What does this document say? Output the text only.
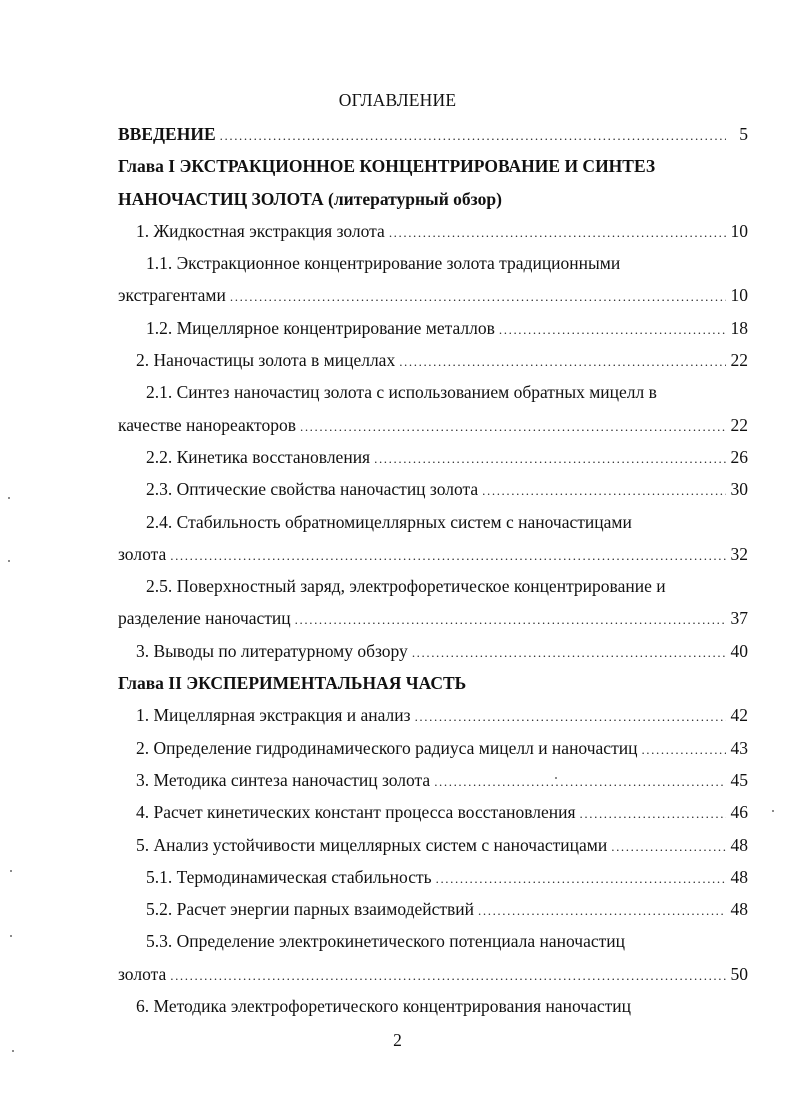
ОГЛАВЛЕНИЕ
ВВЕДЕНИЕ .....	5
Глава I ЭКСТРАКЦИОННОЕ КОНЦЕНТРИРОВАНИЕ И СИНТЕЗ
НАНОЧАСТИЦ ЗОЛОТА (литературный обзор)
1. Жидкостная экстракция золота .....	10
1.1. Экстракционное концентрирование золота традиционными
экстрагентами .....	10
1.2. Мицеллярное концентрирование металлов .....	18
2. Наночастицы золота в мицеллах .....	22
2.1. Синтез наночастиц золота с использованием обратных мицелл в
качестве нанореакторов .....	22
2.2. Кинетика восстановления .....	26
2.3. Оптические свойства наночастиц золота .....	30
2.4. Стабильность обратномицеллярных систем с наночастицами
золота .....	32
2.5. Поверхностный заряд, электрофоретическое концентрирование и
разделение наночастиц .....	37
3. Выводы по литературному обзору .....	40
Глава II ЭКСПЕРИМЕНТАЛЬНАЯ ЧАСТЬ
1. Мицеллярная экстракция и анализ .....	42
2. Определение гидродинамического радиуса мицелл и наночастиц .....	43
3. Методика синтеза наночастиц золота .....	45
4. Расчет кинетических констант процесса восстановления .....	46
5. Анализ устойчивости мицеллярных систем с наночастицами .....	48
5.1. Термодинамическая стабильность .....	48
5.2. Расчет энергии парных взаимодействий .....	48
5.3. Определение электрокинетического потенциала наночастиц
золота .....	50
6. Методика электрофоретического концентрирования наночастиц
2
